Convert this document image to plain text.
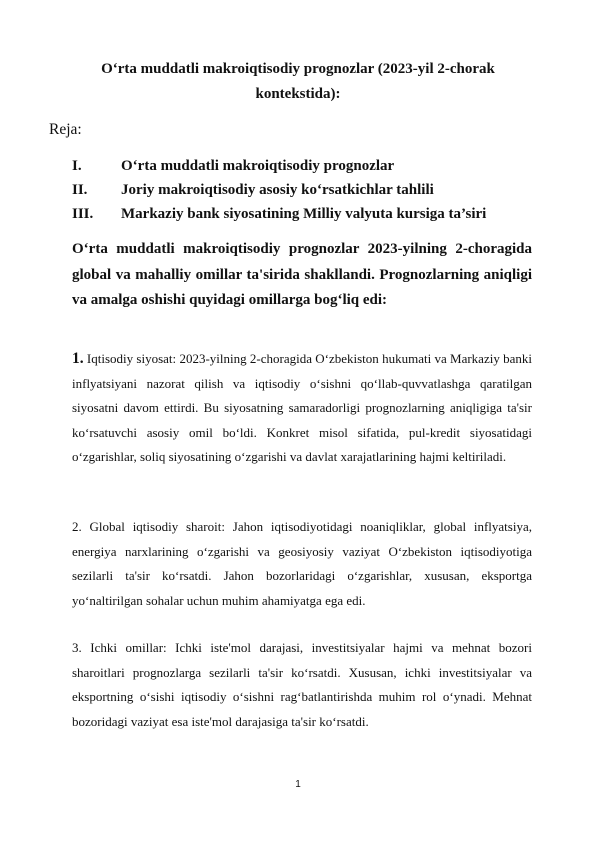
O‘rta muddatli makroiqtisodiy prognozlar (2023-yil 2-chorak kontekstida):
Reja:
I.	O‘rta muddatli makroiqtisodiy prognozlar
II. Joriy makroiqtisodiy asosiy ko‘rsatkichlar tahlili
III. Markaziy bank siyosatining Milliy valyuta kursiga ta’siri

O‘rta muddatli makroiqtisodiy prognozlar 2023-yilning 2-choragida global va mahalliy omillar ta'sirida shakllandi. Prognozlarning aniqligi va amalga oshishi quyidagi omillarga bog‘liq edi:

1. Iqtisodiy siyosat: 2023-yilning 2-choragida O‘zbekiston hukumati va Markaziy banki inflyatsiyani nazorat qilish va iqtisodiy o‘sishni qo‘llab-quvvatlashga qaratilgan siyosatni davom ettirdi. Bu siyosatning samaradorligi prognozlarning aniqligiga ta'sir ko‘rsatuvchi asosiy omil bo‘ldi. Konkret misol sifatida, pul-kredit siyosatidagi o‘zgarishlar, soliq siyosatining o‘zgarishi va davlat xarajatlarining hajmi keltiriladi.

2. Global iqtisodiy sharoit: Jahon iqtisodiyotidagi noaniqliklar, global inflyatsiya, energiya narxlarining o‘zgarishi va geosiyosiy vaziyat O‘zbekiston iqtisodiyotiga sezilarli ta'sir ko‘rsatdi. Jahon bozorlaridagi o‘zgarishlar, xususan, eksportga yo‘naltirilgan sohalar uchun muhim ahamiyatga ega edi.

3. Ichki omillar: Ichki iste'mol darajasi, investitsiyalar hajmi va mehnat bozori sharoitlari prognozlarga sezilarli ta'sir ko‘rsatdi. Xususan, ichki investitsiyalar va eksportning o‘sishi iqtisodiy o‘sishni rag‘batlantirishda muhim rol o‘ynadi. Mehnat bozoridagi vaziyat esa iste'mol darajasiga ta'sir ko‘rsatdi.

1
